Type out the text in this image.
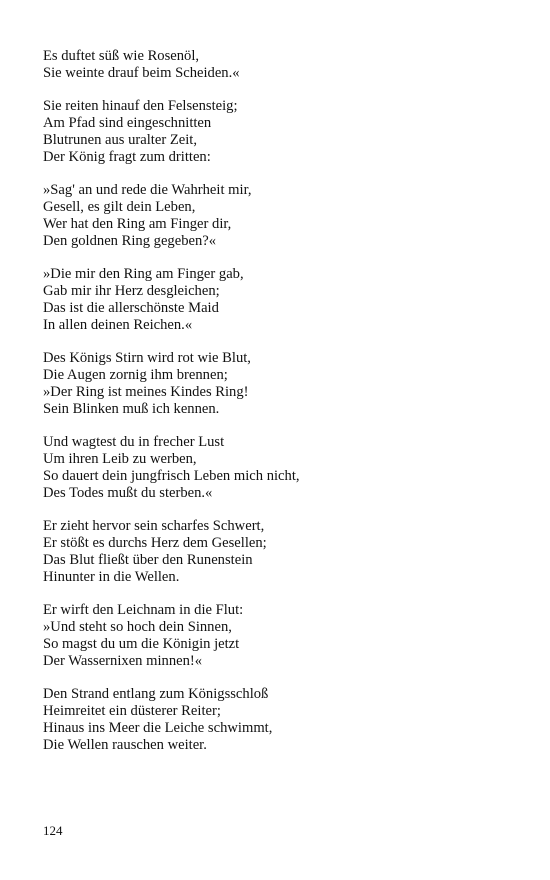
Es duftet süß wie Rosenöl,
Sie weinte drauf beim Scheiden.«
Sie reiten hinauf den Felsensteig;
Am Pfad sind eingeschnitten
Blutrunen aus uralter Zeit,
Der König fragt zum dritten:
»Sag' an und rede die Wahrheit mir,
Gesell, es gilt dein Leben,
Wer hat den Ring am Finger dir,
Den goldnen Ring gegeben?«
»Die mir den Ring am Finger gab,
Gab mir ihr Herz desgleichen;
Das ist die allerschönste Maid
In allen deinen Reichen.«
Des Königs Stirn wird rot wie Blut,
Die Augen zornig ihm brennen;
»Der Ring ist meines Kindes Ring!
Sein Blinken muß ich kennen.
Und wagtest du in frecher Lust
Um ihren Leib zu werben,
So dauert dein jungfrisch Leben mich nicht,
Des Todes mußt du sterben.«
Er zieht hervor sein scharfes Schwert,
Er stößt es durchs Herz dem Gesellen;
Das Blut fließt über den Runenstein
Hinunter in die Wellen.
Er wirft den Leichnam in die Flut:
»Und steht so hoch dein Sinnen,
So magst du um die Königin jetzt
Der Wassernixen minnen!«
Den Strand entlang zum Königsschloß
Heimreitet ein düsterer Reiter;
Hinaus ins Meer die Leiche schwimmt,
Die Wellen rauschen weiter.
124
